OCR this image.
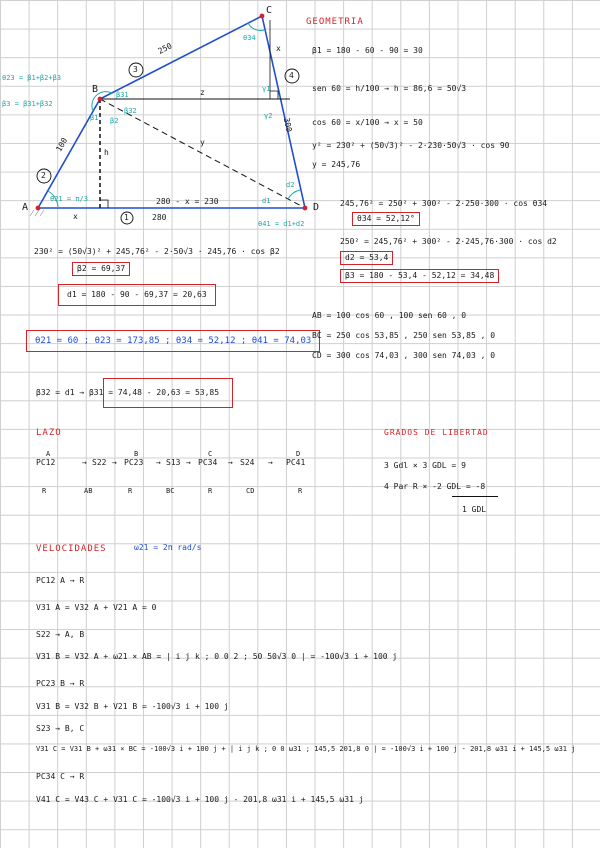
A
B
C
D
1
2
3
4
100
250
300
280
z
y
h
x
280 - x = 230
x
θ21 = π/3
β1 β2
θ34
d2
d1
γ1
γ2
θ41 = d1+d2
θ23 = β1+β2+β3
β3 = β31+β32
β31
β32
GEOMETRIA
β1 = 180 - 60 - 90 = 30
sen 60 = h/100 → h = 86,6 = 50√3
cos 60 = x/100 → x = 50
y² = 230² + (50√3)² - 2·230·50√3 · cos 90
y = 245,76
245,76² = 250² + 300² - 2·250·300 · cos θ34
θ34 = 52,12°
250² = 245,76² + 300² - 2·245,76·300 · cos d2
d2 = 53,4
β3 = 180 - 53,4 - 52,12 = 34,48
230² = (50√3)² + 245,76² - 2·50√3 · 245,76 · cos β2
β2 = 69,37
d1 = 180 - 90 - 69,37 = 20,63
θ21 = 60 ; θ23 = 173,85 ; θ34 = 52,12 ; θ41 = 74,03
β32 = d1 → β31 = 74,48 - 20,63 = 53,85
AB = 100 cos 60 , 100 sen 60 , 0
BC = 250 cos 53,85 , 250 sen 53,85 , 0
CD = 300 cos 74,03 , 300 sen 74,03 , 0
LAZO
PC12	→ S22 → PC23 → S13 → PC34 → S24 → PC41
A	B	C	D
R	AB	R	BC	R	CD	R
GRADOS DE LIBERTAD
3 Gdl × 3 GDL = 9
4 Par R × -2 GDL = -8
1 GDL
VELOCIDADES	ω21 = 2π rad/s
PC12 A → R
V31 A = V32 A + V21 A = 0
S22 → A, B
V31 B = V32 A + ω21 × AB = | i j k ; 0 0 2 ; 50 50√3 0 | = -100√3 i + 100 j
PC23 B → R
V31 B = V32 B + V21 B = -100√3 i + 100 j
S23 → B, C
V31 C = V31 B + ω31 × BC = -100√3 i + 100 j + | i j k ; 0 0 ω31 ; 145,5 201,8 0 | = -100√3 i + 100 j - 201,8 ω31 i + 145,5 ω31 j
PC34 C → R
V41 C = V43 C + V31 C = -100√3 i + 100 j - 201,8 ω31 i + 145,5 ω31 j
